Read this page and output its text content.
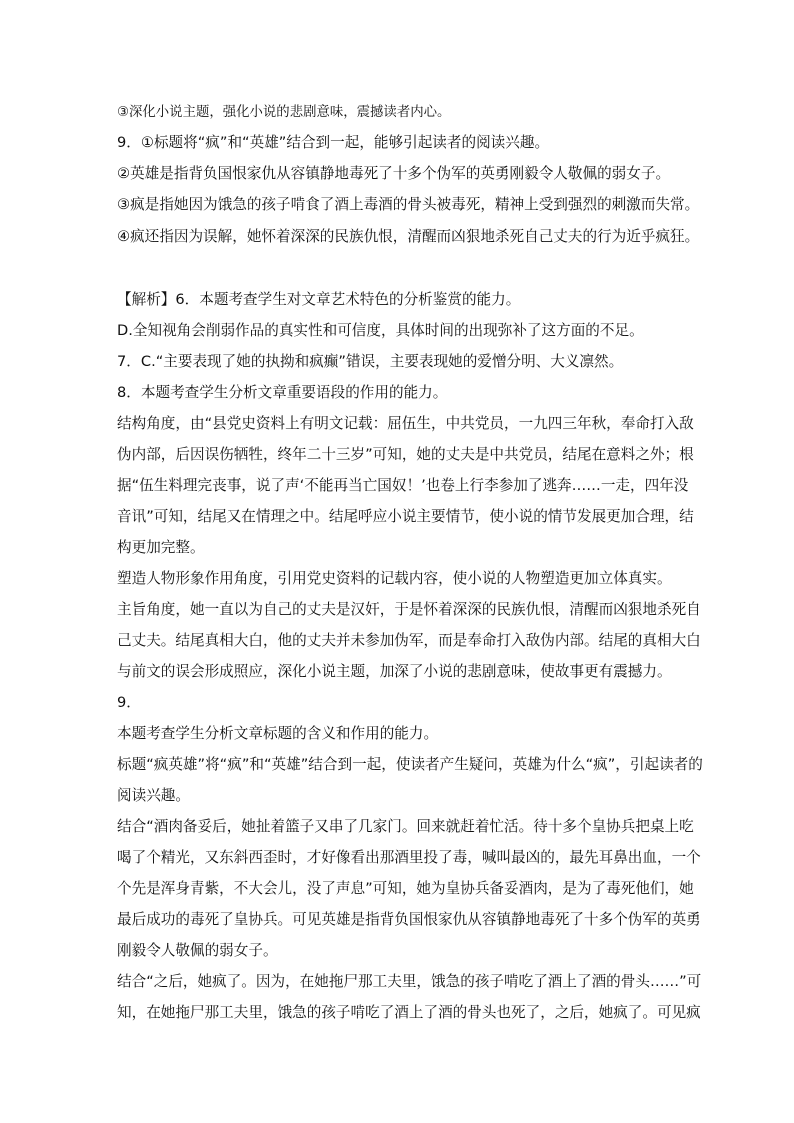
③深化小说主题，强化小说的悲剧意味，震撼读者内心。
9．①标题将“疯”和“英雄”结合到一起，能够引起读者的阅读兴趣。
②英雄是指背负国恨家仇从容镇静地毒死了十多个伪军的英勇刚毅令人敬佩的弱女子。
③疯是指她因为饿急的孩子啃食了酒上毒酒的骨头被毒死，精神上受到强烈的刺激而失常。
④疯还指因为误解，她怀着深深的民族仇恨，清醒而凶狠地杀死自己丈夫的行为近乎疯狂。
【解析】6．本题考查学生对文章艺术特色的分析鉴赏的能力。
D.全知视角会削弱作品的真实性和可信度，具体时间的出现弥补了这方面的不足。
7．C.“主要表现了她的执拗和疯癫”错误，主要表现她的爱憎分明、大义凛然。
8．本题考查学生分析文章重要语段的作用的能力。
结构角度，由“县党史资料上有明文记载：屈伍生，中共党员，一九四三年秋，奉命打入敌
伪内部，后因误伤牺牲，终年二十三岁”可知，她的丈夫是中共党员，结尾在意料之外；根
据“伍生料理完丧事，说了声‘不能再当亡国奴！’也卷上行李参加了逃奔……一走，四年没
音讯”可知，结尾又在情理之中。结尾呼应小说主要情节，使小说的情节发展更加合理，结
构更加完整。
塑造人物形象作用角度，引用党史资料的记载内容，使小说的人物塑造更加立体真实。
主旨角度，她一直以为自己的丈夫是汉奸，于是怀着深深的民族仇恨，清醒而凶狠地杀死自
己丈夫。结尾真相大白，他的丈夫并未参加伪军，而是奉命打入敌伪内部。结尾的真相大白
与前文的误会形成照应，深化小说主题，加深了小说的悲剧意味，使故事更有震撼力。
9．
本题考查学生分析文章标题的含义和作用的能力。
标题“疯英雄”将“疯”和“英雄”结合到一起，使读者产生疑问，英雄为什么“疯”，引起读者的
阅读兴趣。
结合“酒肉备妥后，她扯着篮子又串了几家门。回来就赶着忙活。待十多个皇协兵把桌上吃
喝了个精光，又东斜西歪时，才好像看出那酒里投了毒，喊叫最凶的，最先耳鼻出血，一个
个先是浑身青紫，不大会儿，没了声息”可知，她为皇协兵备妥酒肉，是为了毒死他们，她
最后成功的毒死了皇协兵。可见英雄是指背负国恨家仇从容镇静地毒死了十多个伪军的英勇
刚毅令人敬佩的弱女子。
结合“之后，她疯了。因为，在她拖尸那工夫里，饿急的孩子啃吃了酒上了酒的骨头……”可
知，在她拖尸那工夫里，饿急的孩子啃吃了酒上了酒的骨头也死了，之后，她疯了。可见疯
